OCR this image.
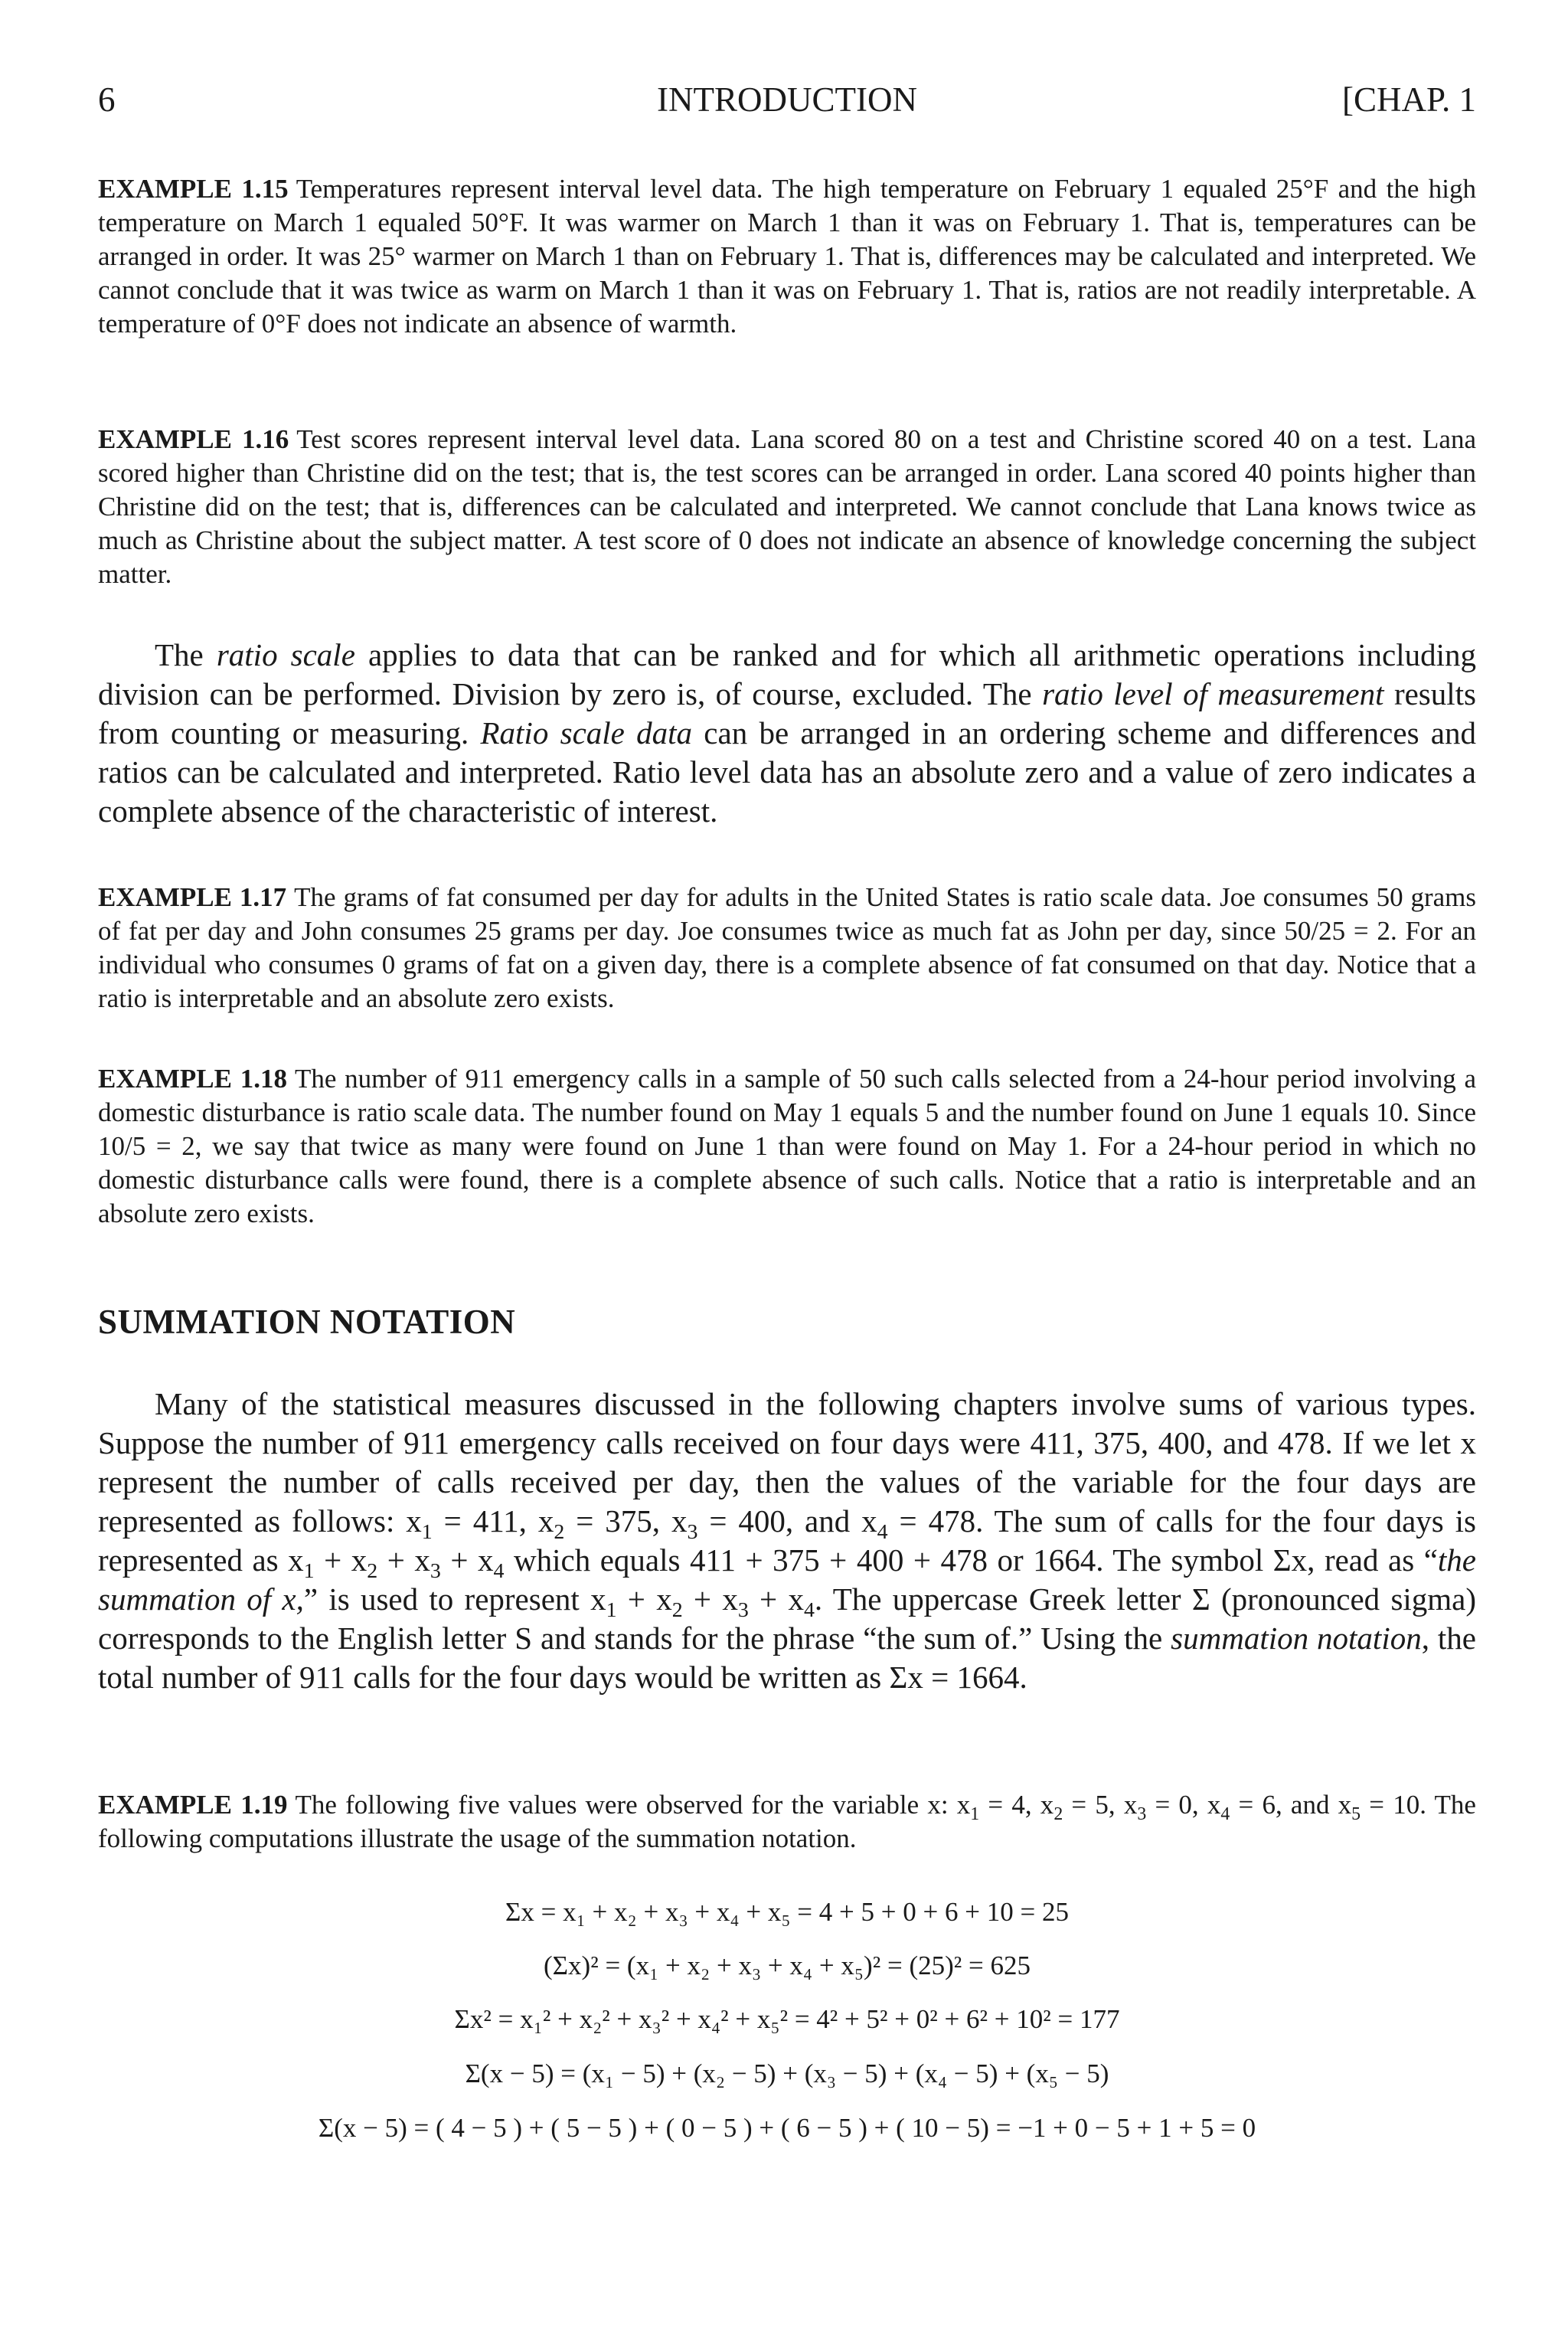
6	INTRODUCTION	[CHAP. 1

EXAMPLE 1.15 Temperatures represent interval level data. The high temperature on February 1 equaled 25°F and the high temperature on March 1 equaled 50°F. It was warmer on March 1 than it was on February 1. That is, temperatures can be arranged in order. It was 25° warmer on March 1 than on February 1. That is, differences may be calculated and interpreted. We cannot conclude that it was twice as warm on March 1 than it was on February 1. That is, ratios are not readily interpretable. A temperature of 0°F does not indicate an absence of warmth.

EXAMPLE 1.16 Test scores represent interval level data. Lana scored 80 on a test and Christine scored 40 on a test. Lana scored higher than Christine did on the test; that is, the test scores can be arranged in order. Lana scored 40 points higher than Christine did on the test; that is, differences can be calculated and interpreted. We cannot conclude that Lana knows twice as much as Christine about the subject matter. A test score of 0 does not indicate an absence of knowledge concerning the subject matter.

The ratio scale applies to data that can be ranked and for which all arithmetic operations including division can be performed. Division by zero is, of course, excluded. The ratio level of measurement results from counting or measuring. Ratio scale data can be arranged in an ordering scheme and differences and ratios can be calculated and interpreted. Ratio level data has an absolute zero and a value of zero indicates a complete absence of the characteristic of interest.

EXAMPLE 1.17 The grams of fat consumed per day for adults in the United States is ratio scale data. Joe consumes 50 grams of fat per day and John consumes 25 grams per day. Joe consumes twice as much fat as John per day, since 50/25 = 2. For an individual who consumes 0 grams of fat on a given day, there is a complete absence of fat consumed on that day. Notice that a ratio is interpretable and an absolute zero exists.

EXAMPLE 1.18 The number of 911 emergency calls in a sample of 50 such calls selected from a 24-hour period involving a domestic disturbance is ratio scale data. The number found on May 1 equals 5 and the number found on June 1 equals 10. Since 10/5 = 2, we say that twice as many were found on June 1 than were found on May 1. For a 24-hour period in which no domestic disturbance calls were found, there is a complete absence of such calls. Notice that a ratio is interpretable and an absolute zero exists.

SUMMATION NOTATION

Many of the statistical measures discussed in the following chapters involve sums of various types. Suppose the number of 911 emergency calls received on four days were 411, 375, 400, and 478. If we let x represent the number of calls received per day, then the values of the variable for the four days are represented as follows: $x_1 = 411$, $x_2 = 375$, $x_3 = 400$, and $x_4 = 478$. The sum of calls for the four days is represented as $x_1 + x_2 + x_3 + x_4$ which equals 411 + 375 + 400 + 478 or 1664. The symbol Σx, read as “the summation of x,” is used to represent $x_1 + x_2 + x_3 + x_4$. The uppercase Greek letter Σ (pronounced sigma) corresponds to the English letter S and stands for the phrase “the sum of.” Using the summation notation, the total number of 911 calls for the four days would be written as Σx = 1664.

EXAMPLE 1.19 The following five values were observed for the variable x: $x_1 = 4$, $x_2 = 5$, $x_3 = 0$, $x_4 = 6$, and $x_5 = 10$. The following computations illustrate the usage of the summation notation.

Σx = x₁ + x₂ + x₃ + x₄ + x₅ = 4 + 5 + 0 + 6 + 10 = 25
(Σx)² = (x₁ + x₂ + x₃ + x₄ + x₅)² = (25)² = 625
Σx² = x₁² + x₂² + x₃² + x₄² + x₅² = 4² + 5² + 0² + 6² + 10² = 177
Σ(x − 5) = (x₁ − 5) + (x₂ − 5) + (x₃ − 5) + (x₄ − 5) + (x₅ − 5)
Σ(x − 5) = ( 4 − 5 ) + ( 5 − 5 ) + ( 0 − 5 ) + ( 6 − 5 ) + ( 10 − 5) = −1 + 0 − 5 + 1 + 5 = 0
